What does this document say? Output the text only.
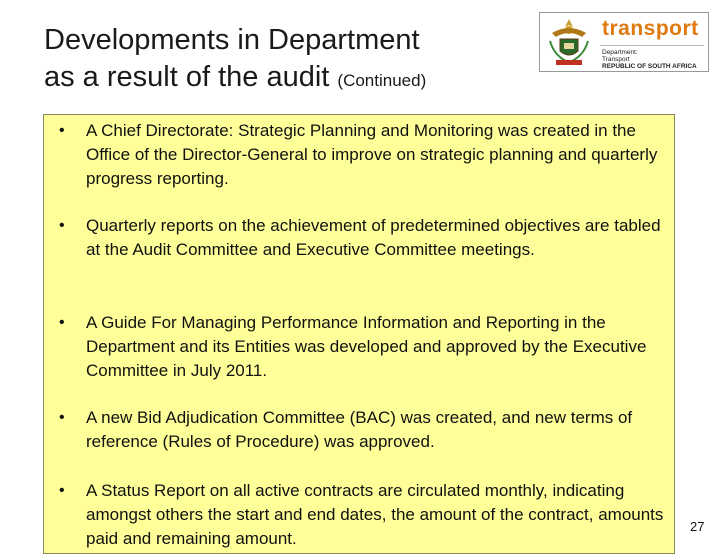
Developments in Department
as a result of the audit (Continued)
transport
Department:
Transport
REPUBLIC OF SOUTH AFRICA
• A Chief Directorate: Strategic Planning and Monitoring was created in the Office of the Director-General to improve on strategic planning and quarterly progress reporting.
• Quarterly reports on the achievement of predetermined objectives are tabled at the Audit Committee and Executive Committee meetings.
• A Guide For Managing Performance Information and Reporting in the Department and its Entities was developed and approved by the Executive Committee in July 2011.
• A new Bid Adjudication Committee (BAC) was created, and new terms of reference (Rules of Procedure) was approved.
• A Status Report on all active contracts are circulated monthly, indicating amongst others the start and end dates, the amount of the contract, amounts paid and remaining amount.
27
